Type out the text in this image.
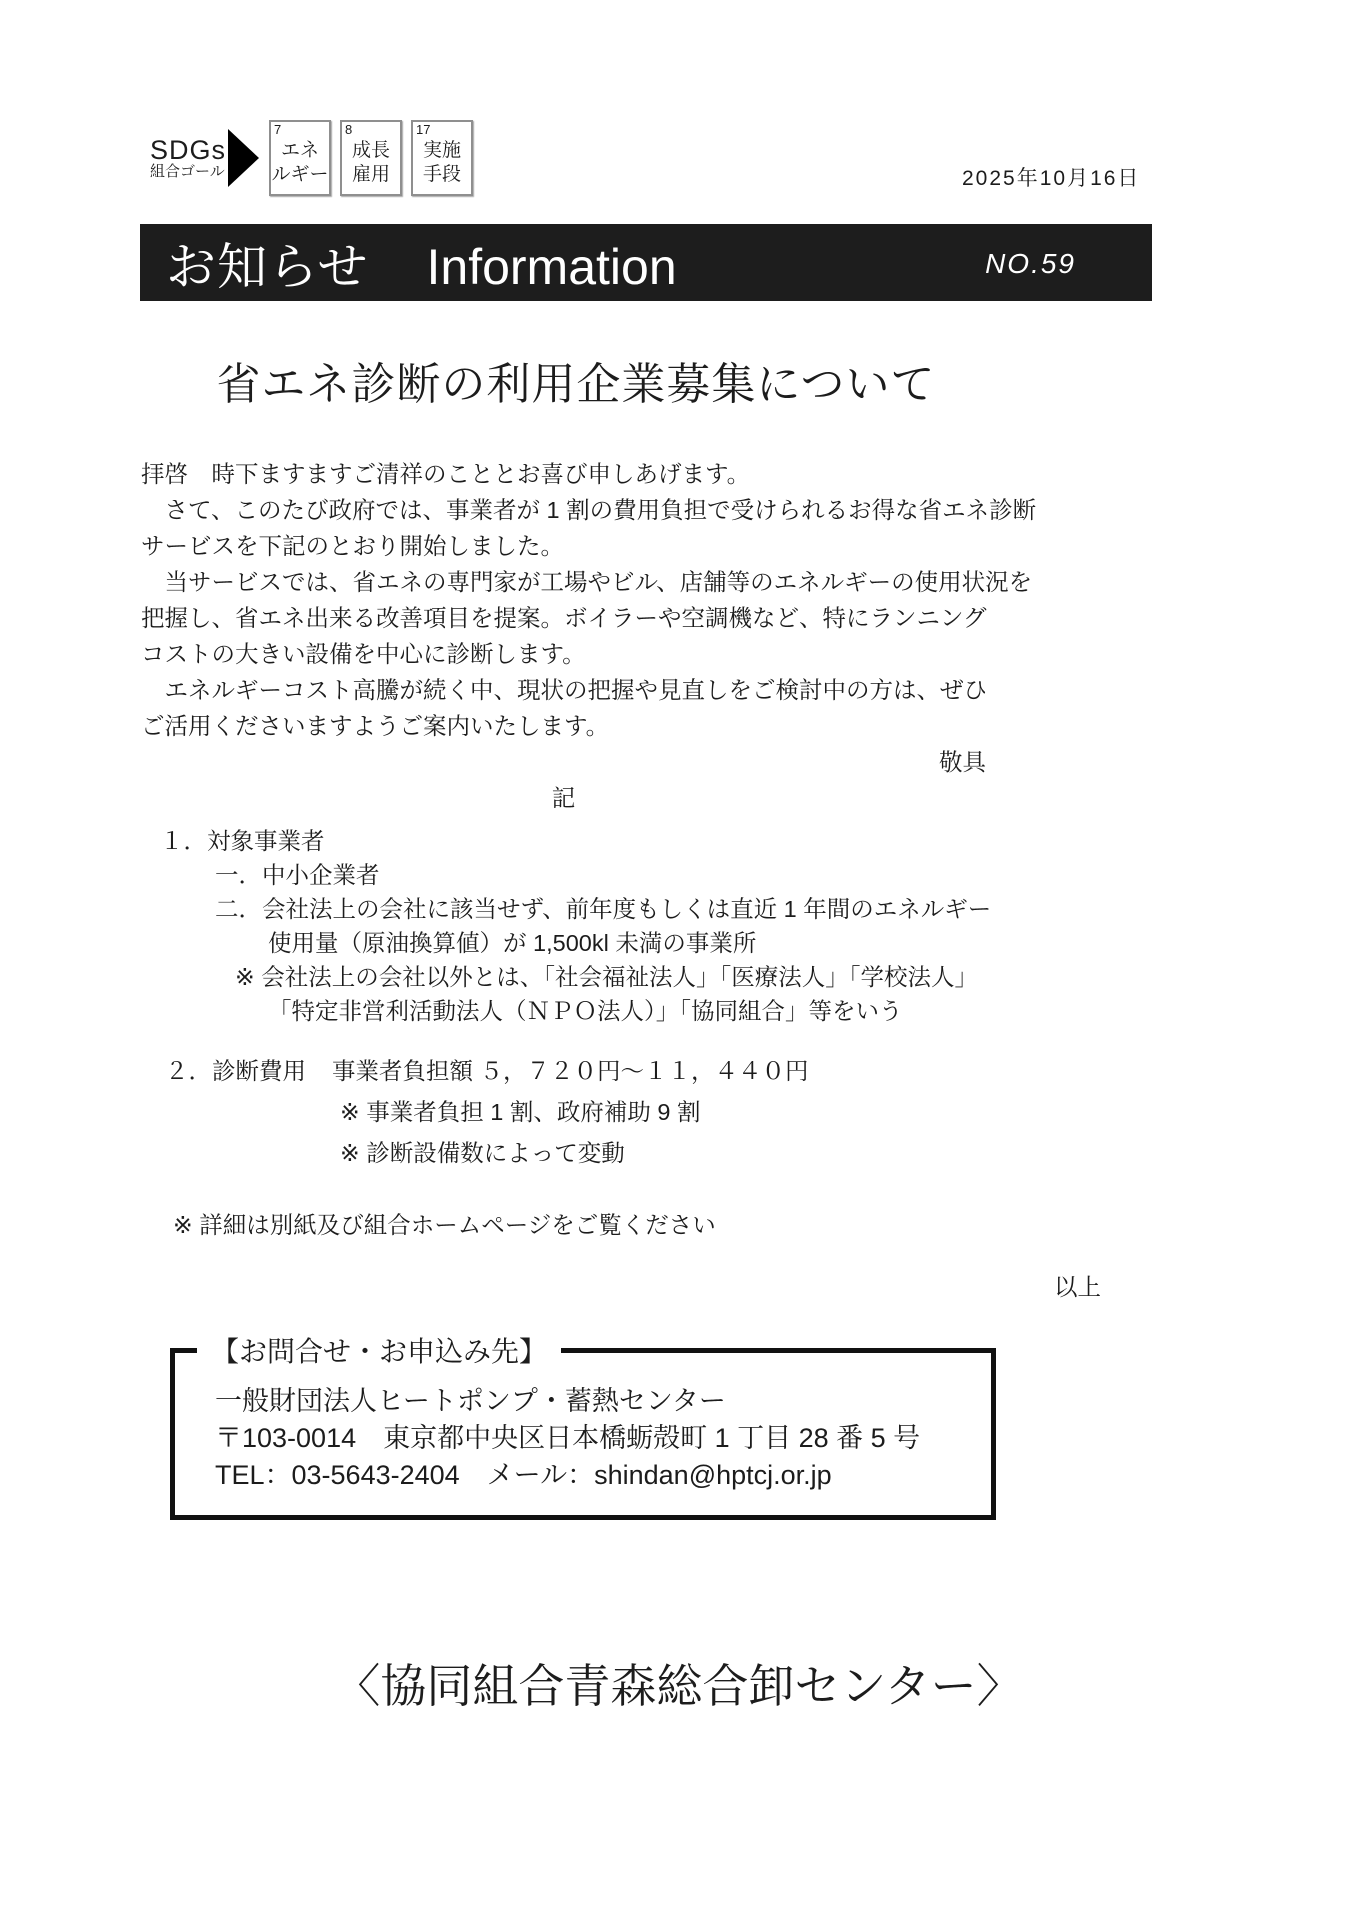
SDGs
組合ゴール
7
エネ
ルギー
8
成長
雇用
17
実施
手段	2025年10月16日
お知らせ Information	NO.59
省エネ診断の利用企業募集について
拝啓　時下ますますご清祥のこととお喜び申しあげます。
　さて、このたび政府では、事業者が 1 割の費用負担で受けられるお得な省エネ診断
サービスを下記のとおり開始しました。
　当サービスでは、省エネの専門家が工場やビル、店舗等のエネルギーの使用状況を
把握し、省エネ出来る改善項目を提案。ボイラーや空調機など、特にランニング
コストの大きい設備を中心に診断します。
　エネルギーコスト高騰が続く中、現状の把握や見直しをご検討中の方は、ぜひ
ご活用くださいますようご案内いたします。
敬具
記
１．対象事業者
一．中小企業者
二．会社法上の会社に該当せず、前年度もしくは直近 1 年間のエネルギー
使用量（原油換算値）が 1,500kl 未満の事業所
※ 会社法上の会社以外とは、「社会福祉法人」「医療法人」「学校法人」
「特定非営利活動法人（ＮＰＯ法人）」「協同組合」等をいう
２．診断費用 事業者負担額 ５，７２０円～１１，４４０円
※ 事業者負担 1 割、政府補助 9 割
※ 診断設備数によって変動
※ 詳細は別紙及び組合ホームページをご覧ください
以上
【お問合せ・お申込み先】
一般財団法人ヒートポンプ・蓄熱センター
〒103-0014　東京都中央区日本橋蛎殻町 1 丁目 28 番 5 号
TEL：03-5643-2404　メール：shindan@hptcj.or.jp
〈協同組合青森総合卸センター〉
